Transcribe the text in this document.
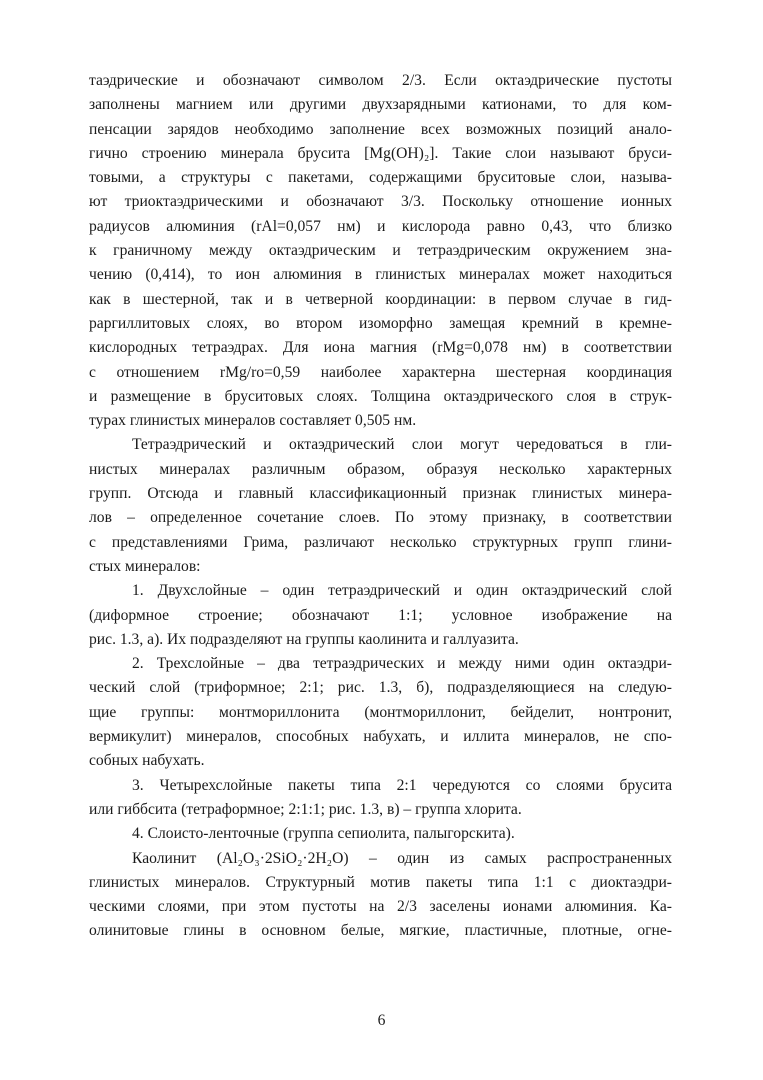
таэдрические и обозначают символом 2/3. Если октаэдрические пустоты
заполнены магнием или другими двухзарядными катионами, то для ком-
пенсации зарядов необходимо заполнение всех возможных позиций анало-
гично строению минерала брусита [Mg(OH)₂]. Такие слои называют бруси-
товыми, а структуры с пакетами, содержащими бруситовые слои, называ-
ют триоктаэдрическими и обозначают 3/3. Поскольку отношение ионных
радиусов алюминия (rAl=0,057 нм) и кислорода равно 0,43, что близко
к граничному между октаэдрическим и тетраэдрическим окружением зна-
чению (0,414), то ион алюминия в глинистых минералах может находиться
как в шестерной, так и в четверной координации: в первом случае в гид-
раргиллитовых слоях, во втором изоморфно замещая кремний в кремне-
кислородных тетраэдрах. Для иона магния (rMg=0,078 нм) в соответствии
с отношением rMg/ro=0,59 наиболее характерна шестерная координация
и размещение в бруситовых слоях. Толщина октаэдрического слоя в струк-
турах глинистых минералов составляет 0,505 нм.
Тетраэдрический и октаэдрический слои могут чередоваться в гли-
нистых минералах различным образом, образуя несколько характерных
групп. Отсюда и главный классификационный признак глинистых минера-
лов – определенное сочетание слоев. По этому признаку, в соответствии
с представлениями Грима, различают несколько структурных групп глини-
стых минералов:
1. Двухслойные – один тетраэдрический и один октаэдрический слой
(диформное строение; обозначают 1:1; условное изображение на
рис. 1.3, а). Их подразделяют на группы каолинита и галлуазита.
2. Трехслойные – два тетраэдрических и между ними один октаэдри-
ческий слой (триформное; 2:1; рис. 1.3, б), подразделяющиеся на следую-
щие группы: монтмориллонита (монтмориллонит, бейделит, нонтронит,
вермикулит) минералов, способных набухать, и иллита минералов, не спо-
собных набухать.
3. Четырехслойные пакеты типа 2:1 чередуются со слоями брусита
или гиббсита (тетраформное; 2:1:1; рис. 1.3, в) – группа хлорита.
4. Слоисто-ленточные (группа сепиолита, палыгорскита).
Каолинит (Al₂O₃·2SiO₂·2H₂O) – один из самых распространенных
глинистых минералов. Структурный мотив пакеты типа 1:1 с диоктаэдри-
ческими слоями, при этом пустоты на 2/3 заселены ионами алюминия. Ка-
олинитовые глины в основном белые, мягкие, пластичные, плотные, огне-
6
